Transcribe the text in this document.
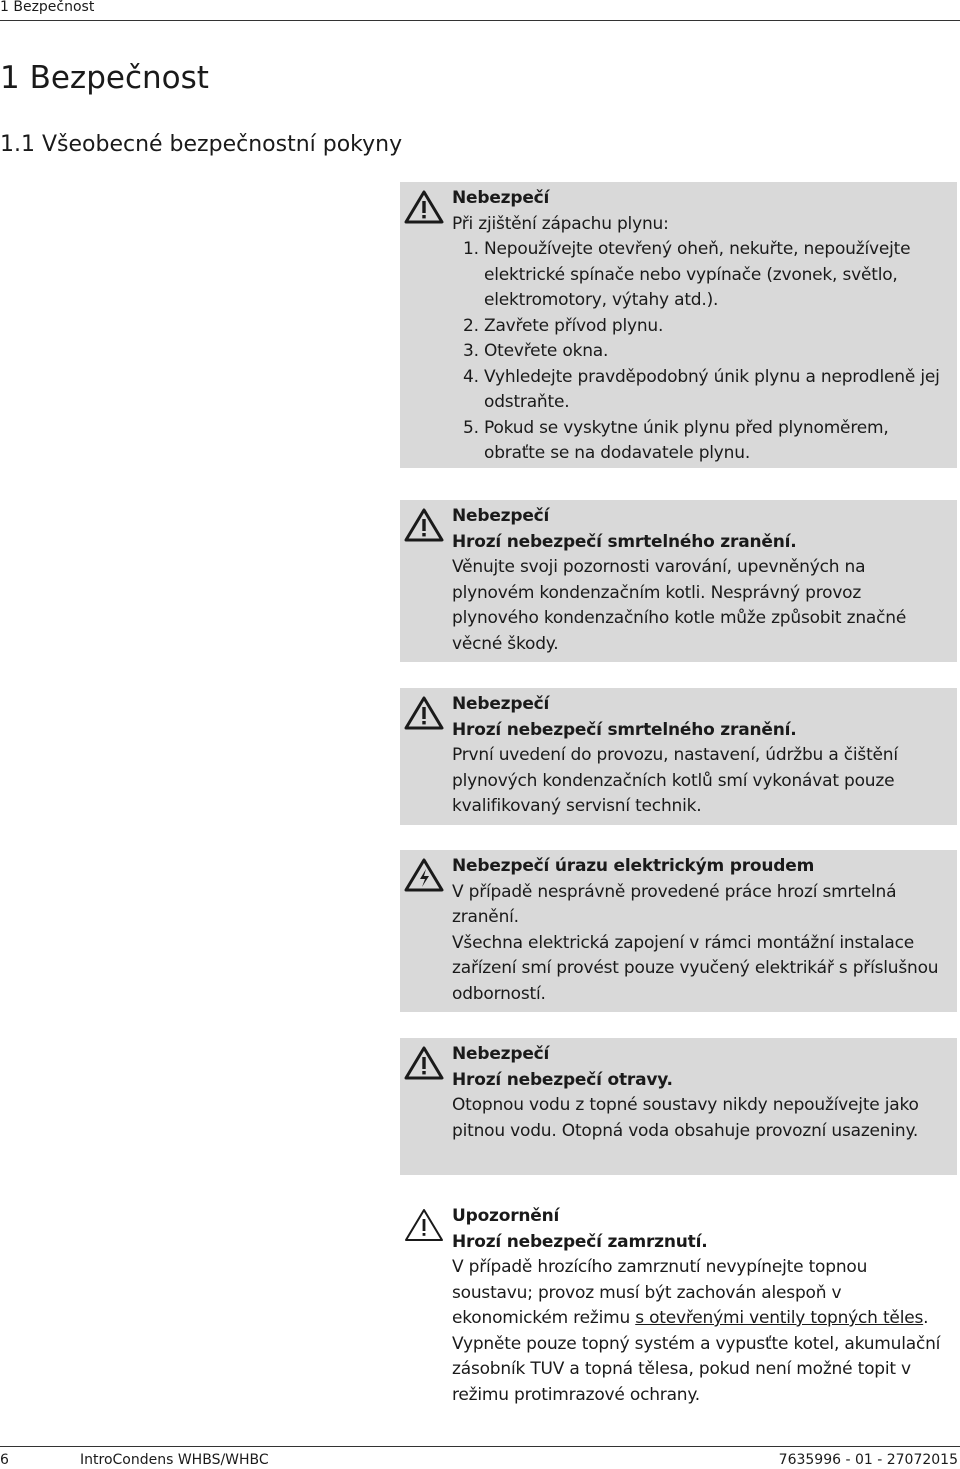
1 Bezpečnost
1 Bezpečnost
1.1 Všeobecné bezpečnostní pokyny
Nebezpečí

Při zjištění zápachu plynu:

1. Nepoužívejte otevřený oheň, nekuřte, nepoužívejte elektrické spínače nebo vypínače (zvonek, světlo, elektromotory, výtahy atd.).
2. Zavřete přívod plynu.
3. Otevřete okna.
4. Vyhledejte pravděpodobný únik plynu a neprodleně jej odstraňte.
5. Pokud se vyskytne únik plynu před plynoměrem, obraťte se na dodavatele plynu.
Nebezpečí
Hrozí nebezpečí smrtelného zranění.

Věnujte svoji pozornosti varování, upevněných na plynovém kondenzačním kotli. Nesprávný provoz plynového kondenzačního kotle může způsobit značné věcné škody.

Nebezpečí
Hrozí nebezpečí smrtelného zranění.

První uvedení do provozu, nastavení, údržbu a čištění plynových kondenzačních kotlů smí vykonávat pouze kvalifikovaný servisní technik.

Nebezpečí úrazu elektrickým proudem

V případě nesprávně provedené práce hrozí smrtelná zranění.

Všechna elektrická zapojení v rámci montážní instalace zařízení smí provést pouze vyučený elektrikář s příslušnou odborností.

Nebezpečí
Hrozí nebezpečí otravy.

Otopnou vodu z topné soustavy nikdy nepoužívejte jako pitnou vodu. Otopná voda obsahuje provozní usazeniny.

Upozornění
Hrozí nebezpečí zamrznutí.

V případě hrozícího zamrznutí nevypínejte topnou soustavu; provoz musí být zachován alespoň v ekonomickém režimu s otevřenými ventily topných těles. Vypněte pouze topný systém a vypusťte kotel, akumulační zásobník TUV a topná tělesa, pokud není možné topit v režimu protimrazové ochrany.

6	IntroCondens WHBS/WHBC	7635996 - 01 - 27072015
